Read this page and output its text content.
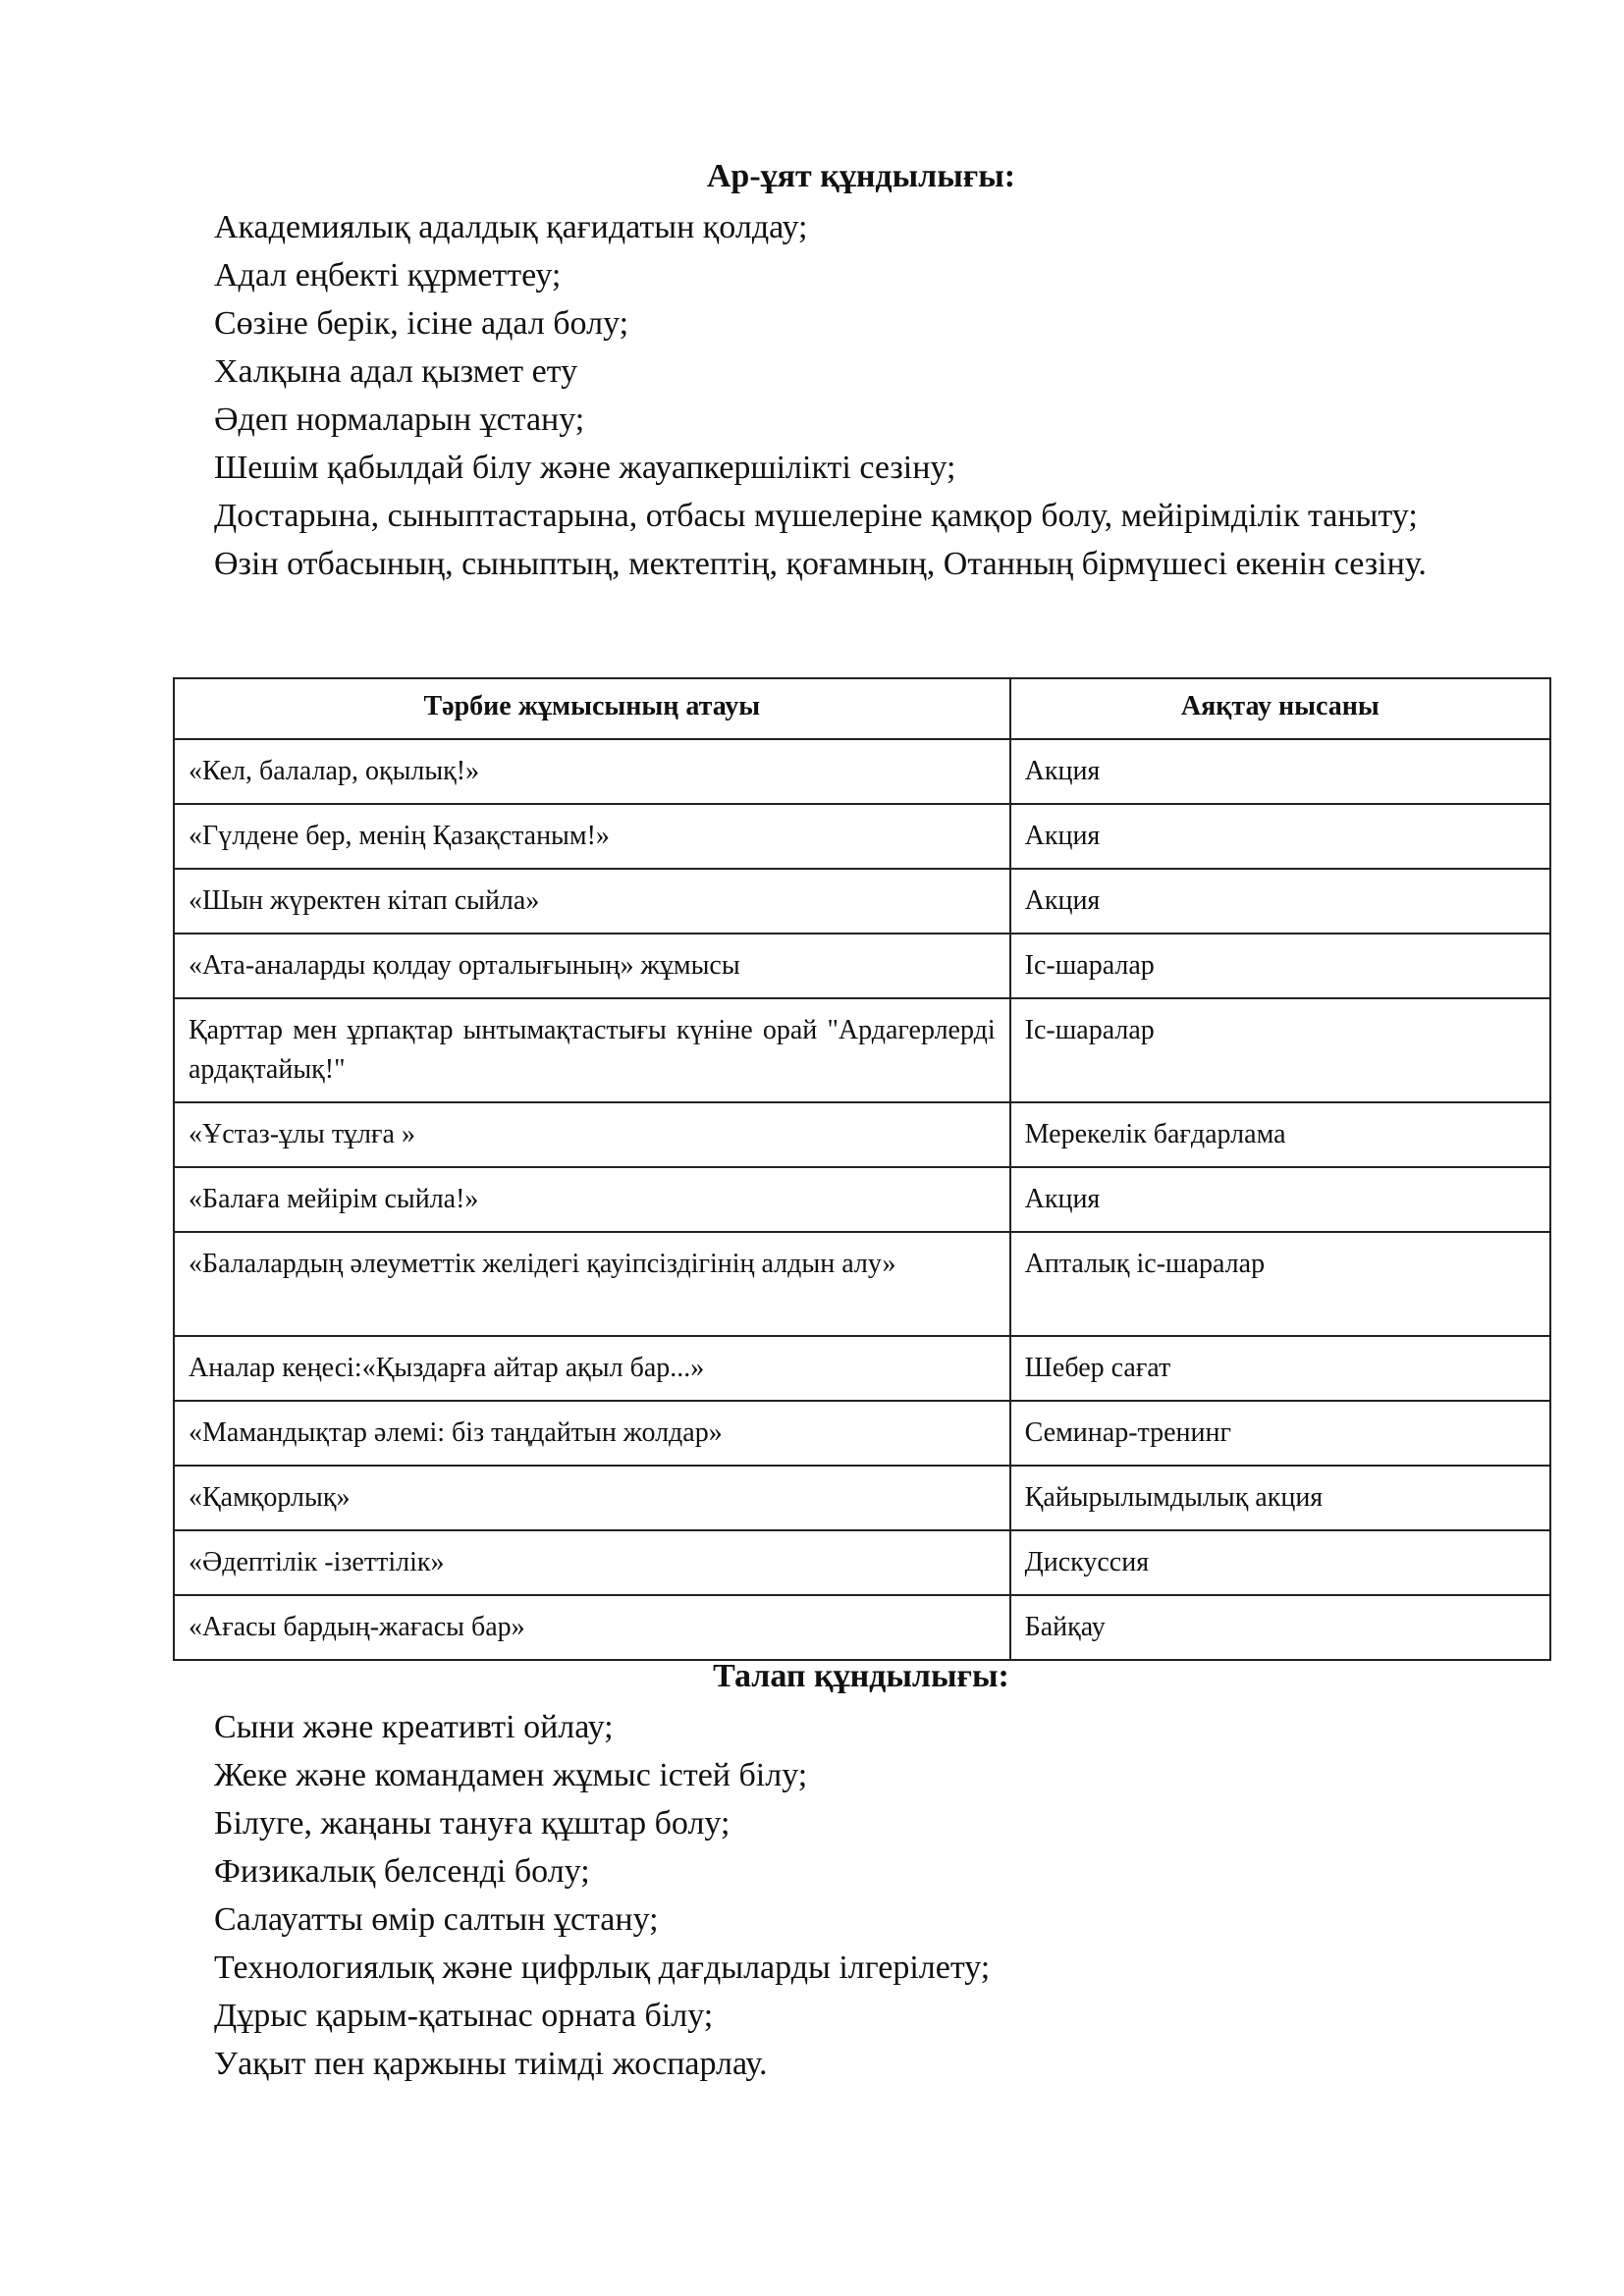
Ар-ұят құндылығы:
Академиялық адалдық қағидатын қолдау;
Адал еңбекті құрметтеу;
Сөзіне берік, ісіне адал болу;
Халқына адал қызмет ету
Әдеп нормаларын ұстану;
Шешім қабылдай білу және жауапкершілікті сезіну;
Достарына, сыныптастарына, отбасы мүшелеріне қамқор болу, мейірімділік таныту;
Өзін отбасының, сыныптың, мектептің, қоғамның, Отанның бірмүшесі екенін сезіну.
Тәрбие жұмысының атауы	Аяқтау нысаны
«Кел, балалар, оқылық!»	Акция
«Гүлдене бер, менің Қазақстаным!»	Акция
«Шын жүректен кітап сыйла»	Акция
«Ата-аналарды қолдау орталығының» жұмысы	Іс-шаралар
Қарттар мен ұрпақтар ынтымақтастығы күніне орай "Ардагерлерді ардақтайық!"	Іс-шаралар
«Ұстаз-ұлы тұлға »	Мерекелік бағдарлама
«Балаға мейірім сыйла!»	Акция
«Балалардың әлеуметтік желідегі қауіпсіздігінің алдын алу»	Апталық іс-шаралар
Аналар кеңесі:«Қыздарға айтар ақыл бар...»	Шебер сағат
«Мамандықтар әлемі: біз таңдайтын жолдар»	Семинар-тренинг
«Қамқорлық»	Қайырылымдылық акция
«Әдептілік -ізеттілік»	Дискуссия
«Ағасы бардың-жағасы бар»	Байқау
Талап құндылығы:
Сыни және креативті ойлау;
Жеке және командамен жұмыс істей білу;
Білуге, жаңаны тануға құштар болу;
Физикалық белсенді болу;
Салауатты өмір салтын ұстану;
Технологиялық және цифрлық дағдыларды ілгерілету;
Дұрыс қарым-қатынас орната білу;
Уақыт пен қаржыны тиімді жоспарлау.
